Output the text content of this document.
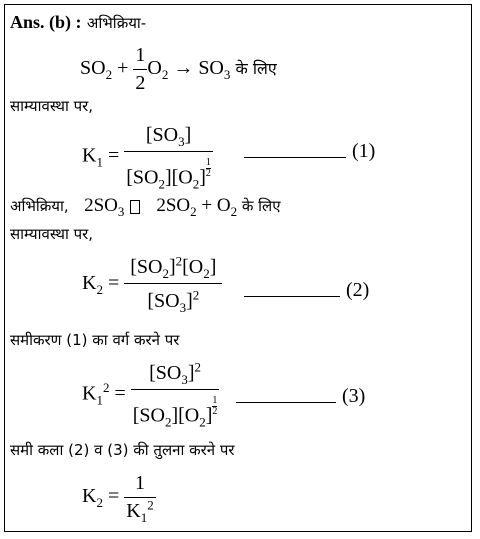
Ans. (b) : अभिक्रिया-
$SO_2 + \frac{1}{2} O_2 \to SO_3$ के लिए
साम्यावस्था पर,
$K_1 = \frac{[SO_3]}{[SO_2][O_2] \frac{1}{2}}$	(1)
अभिक्रिया, $2SO_3$ $2SO_2 + O_2$ के लिए
साम्यावस्था पर,
$K_2 = \frac{[SO_2]^2[O_2]}{[SO_3]^2}$	(2)
समीकरण (1) का वर्ग करने पर
$K_1^2 = \frac{[SO_3]^2}{[SO_2][O_2] \frac{1}{2}}$	(3)
समी कला (2) व (3) की तुलना करने पर
$K_2 = \frac{1}{K_1^2}$
